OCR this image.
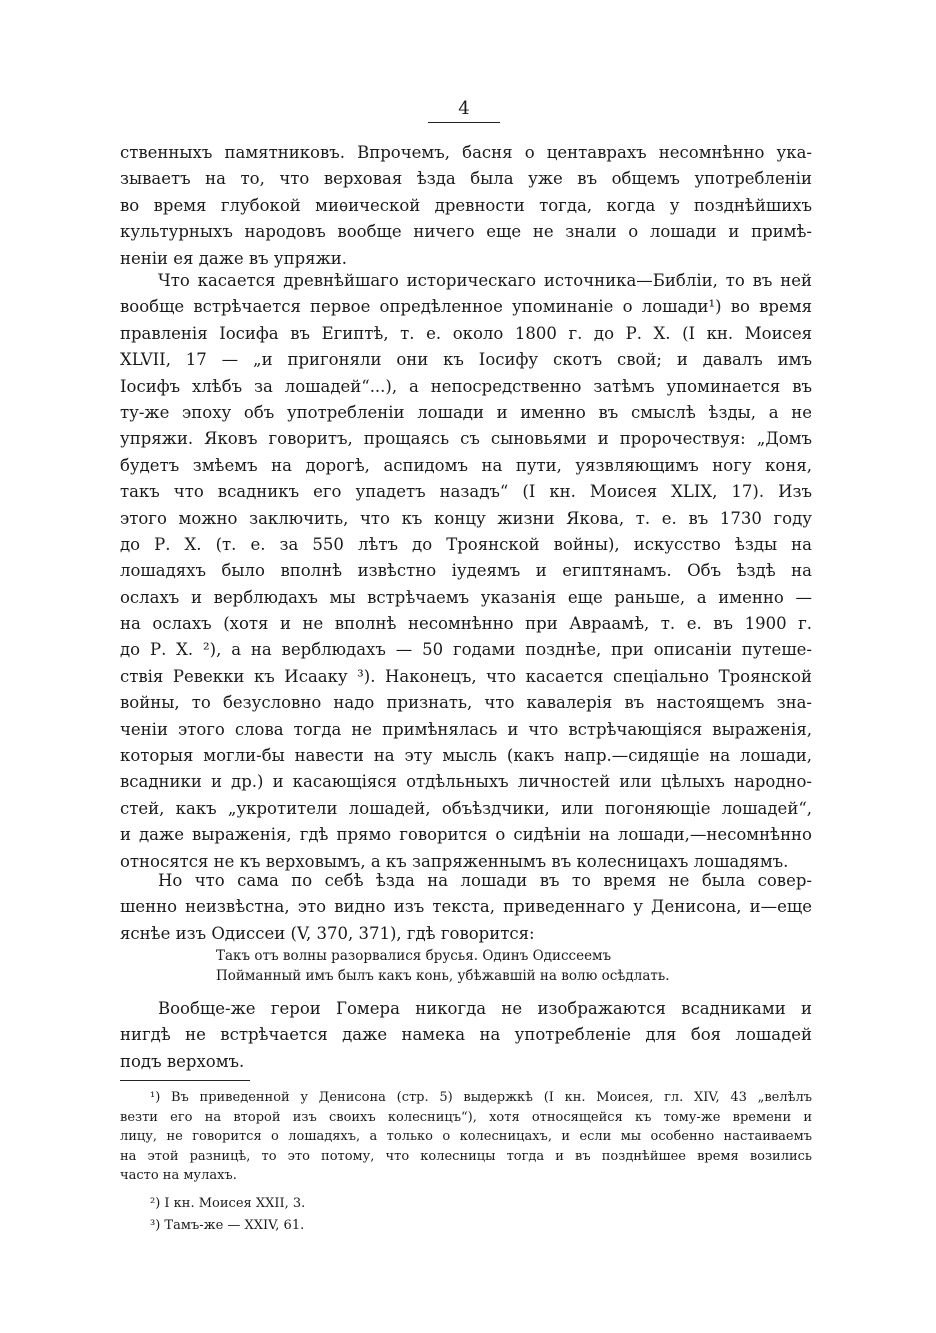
4
ственныхъ памятниковъ. Впрочемъ, басня о центаврахъ несомнѣнно ука-
зываетъ на то, что верховая ѣзда была уже въ общемъ употребленіи
во время глубокой миѳической древности тогда, когда у позднѣйшихъ
культурныхъ народовъ вообще ничего еще не знали о лошади и примѣ-
неніи ея даже въ упряжи.
Что касается древнѣйшаго историческаго источника—Библіи, то въ ней
вообще встрѣчается первое опредѣленное упоминаніе о лошади¹) во время
правленія Іосифа въ Египтѣ, т. е. около 1800 г. до Р. Х. (I кн. Моисея
XLVII, 17 — „и пригоняли они къ Іосифу скотъ свой; и давалъ имъ
Іосифъ хлѣбъ за лошадей“...), а непосредственно затѣмъ упоминается въ
ту-же эпоху объ употребленіи лошади и именно въ смыслѣ ѣзды, а не
упряжи. Яковъ говоритъ, прощаясь съ сыновьями и пророчествуя: „Домъ
будетъ змѣемъ на дорогѣ, аспидомъ на пути, уязвляющимъ ногу коня,
такъ что всадникъ его упадетъ назадъ“ (I кн. Моисея XLIX, 17). Изъ
этого можно заключить, что къ концу жизни Якова, т. е. въ 1730 году
до Р. Х. (т. е. за 550 лѣтъ до Троянской войны), искусство ѣзды на
лошадяхъ было вполнѣ извѣстно іудеямъ и египтянамъ. Объ ѣздѣ на
ослахъ и верблюдахъ мы встрѣчаемъ указанія еще раньше, а именно —
на ослахъ (хотя и не вполнѣ несомнѣнно при Авраамѣ, т. е. въ 1900 г.
до Р. Х. ²), а на верблюдахъ — 50 годами позднѣе, при описаніи путеше-
ствія Ревекки къ Исааку ³). Наконецъ, что касается спеціально Троянской
войны, то безусловно надо признать, что кавалерія въ настоящемъ зна-
ченіи этого слова тогда не примѣнялась и что встрѣчающіяся выраженія,
которыя могли-бы навести на эту мысль (какъ напр.—сидящіе на лошади,
всадники и др.) и касающіяся отдѣльныхъ личностей или цѣлыхъ народно-
стей, какъ „укротители лошадей, объѣздчики, или погоняющіе лошадей“,
и даже выраженія, гдѣ прямо говорится о сидѣніи на лошади,—несомнѣнно
относятся не къ верховымъ, а къ запряженнымъ въ колесницахъ лошадямъ.
Но что сама по себѣ ѣзда на лошади въ то время не была совер-
шенно неизвѣстна, это видно изъ текста, приведеннаго у Денисона, и—еще
яснѣе изъ Одиссеи (V, 370, 371), гдѣ говорится:
Такъ отъ волны разорвалися брусья. Одинъ Одиссеемъ
Пойманный имъ былъ какъ конь, убѣжавшій на волю осѣдлать.
Вообще-же герои Гомера никогда не изображаются всадниками и
нигдѣ не встрѣчается даже намека на употребленіе для боя лошадей
подъ верхомъ.
¹) Въ приведенной у Денисона (стр. 5) выдержкѣ (I кн. Моисея, гл. XIV, 43 „велѣлъ
везти его на второй изъ своихъ колесницъ“), хотя относящейся къ тому-же времени и
лицу, не говорится о лошадяхъ, а только о колесницахъ, и если мы особенно настаиваемъ
на этой разницѣ, то это потому, что колесницы тогда и въ позднѣйшее время возились
часто на мулахъ.
²) I кн. Моисея XXII, 3.
³) Тамъ-же — XXIV, 61.
